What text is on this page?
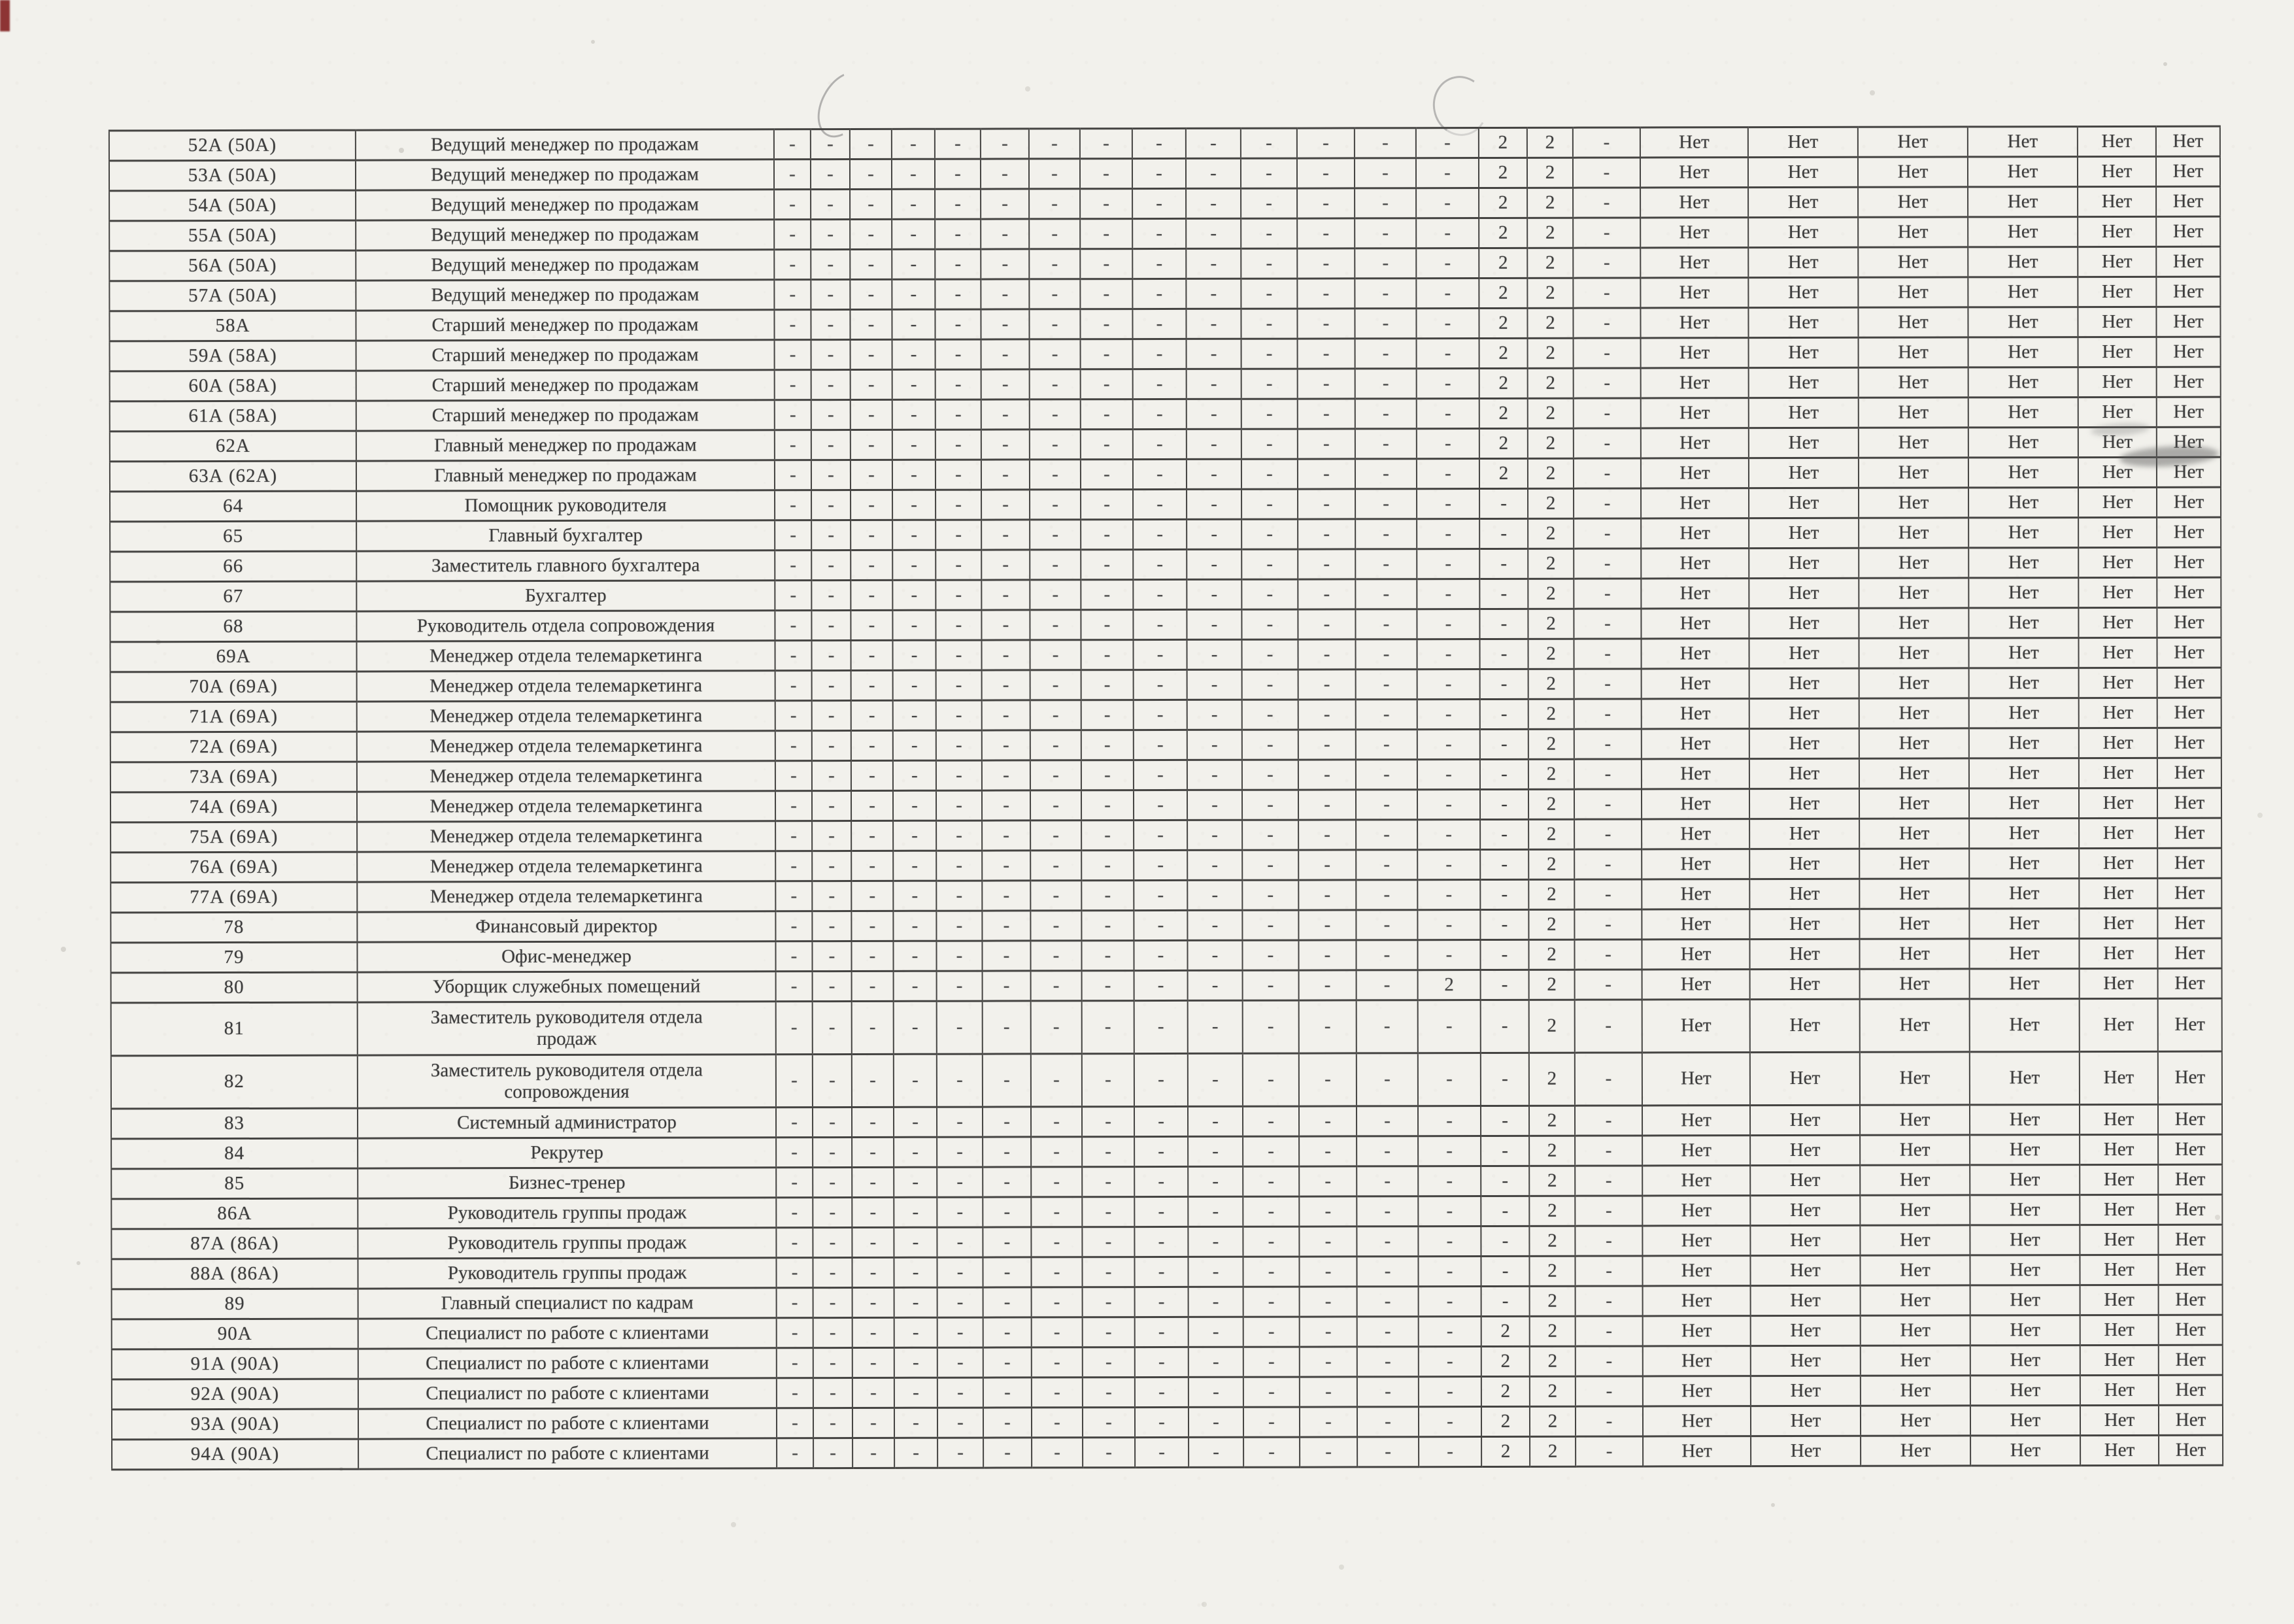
52А (50А)	Ведущий менеджер по продажам	-	-	-	-	-	-	-	-	-	-	-	-	-	-	2	2	-	Нет	Нет	Нет	Нет	Нет	Нет
53А (50А)	Ведущий менеджер по продажам	-	-	-	-	-	-	-	-	-	-	-	-	-	-	2	2	-	Нет	Нет	Нет	Нет	Нет	Нет
54А (50А)	Ведущий менеджер по продажам	-	-	-	-	-	-	-	-	-	-	-	-	-	-	2	2	-	Нет	Нет	Нет	Нет	Нет	Нет
55А (50А)	Ведущий менеджер по продажам	-	-	-	-	-	-	-	-	-	-	-	-	-	-	2	2	-	Нет	Нет	Нет	Нет	Нет	Нет
56А (50А)	Ведущий менеджер по продажам	-	-	-	-	-	-	-	-	-	-	-	-	-	-	2	2	-	Нет	Нет	Нет	Нет	Нет	Нет
57А (50А)	Ведущий менеджер по продажам	-	-	-	-	-	-	-	-	-	-	-	-	-	-	2	2	-	Нет	Нет	Нет	Нет	Нет	Нет
58А	Старший менеджер по продажам	-	-	-	-	-	-	-	-	-	-	-	-	-	-	2	2	-	Нет	Нет	Нет	Нет	Нет	Нет
59А (58А)	Старший менеджер по продажам	-	-	-	-	-	-	-	-	-	-	-	-	-	-	2	2	-	Нет	Нет	Нет	Нет	Нет	Нет
60А (58А)	Старший менеджер по продажам	-	-	-	-	-	-	-	-	-	-	-	-	-	-	2	2	-	Нет	Нет	Нет	Нет	Нет	Нет
61А (58А)	Старший менеджер по продажам	-	-	-	-	-	-	-	-	-	-	-	-	-	-	2	2	-	Нет	Нет	Нет	Нет	Нет	Нет
62А	Главный менеджер по продажам	-	-	-	-	-	-	-	-	-	-	-	-	-	-	2	2	-	Нет	Нет	Нет	Нет	Нет	Нет
63А (62А)	Главный менеджер по продажам	-	-	-	-	-	-	-	-	-	-	-	-	-	-	2	2	-	Нет	Нет	Нет	Нет	Нет	Нет
64	Помощник руководителя	-	-	-	-	-	-	-	-	-	-	-	-	-	-	-	2	-	Нет	Нет	Нет	Нет	Нет	Нет
65	Главный бухгалтер	-	-	-	-	-	-	-	-	-	-	-	-	-	-	-	2	-	Нет	Нет	Нет	Нет	Нет	Нет
66	Заместитель главного бухгалтера	-	-	-	-	-	-	-	-	-	-	-	-	-	-	-	2	-	Нет	Нет	Нет	Нет	Нет	Нет
67	Бухгалтер	-	-	-	-	-	-	-	-	-	-	-	-	-	-	-	2	-	Нет	Нет	Нет	Нет	Нет	Нет
68	Руководитель отдела сопровождения	-	-	-	-	-	-	-	-	-	-	-	-	-	-	-	2	-	Нет	Нет	Нет	Нет	Нет	Нет
69А	Менеджер отдела телемаркетинга	-	-	-	-	-	-	-	-	-	-	-	-	-	-	-	2	-	Нет	Нет	Нет	Нет	Нет	Нет
70А (69А)	Менеджер отдела телемаркетинга	-	-	-	-	-	-	-	-	-	-	-	-	-	-	-	2	-	Нет	Нет	Нет	Нет	Нет	Нет
71А (69А)	Менеджер отдела телемаркетинга	-	-	-	-	-	-	-	-	-	-	-	-	-	-	-	2	-	Нет	Нет	Нет	Нет	Нет	Нет
72А (69А)	Менеджер отдела телемаркетинга	-	-	-	-	-	-	-	-	-	-	-	-	-	-	-	2	-	Нет	Нет	Нет	Нет	Нет	Нет
73А (69А)	Менеджер отдела телемаркетинга	-	-	-	-	-	-	-	-	-	-	-	-	-	-	-	2	-	Нет	Нет	Нет	Нет	Нет	Нет
74А (69А)	Менеджер отдела телемаркетинга	-	-	-	-	-	-	-	-	-	-	-	-	-	-	-	2	-	Нет	Нет	Нет	Нет	Нет	Нет
75А (69А)	Менеджер отдела телемаркетинга	-	-	-	-	-	-	-	-	-	-	-	-	-	-	-	2	-	Нет	Нет	Нет	Нет	Нет	Нет
76А (69А)	Менеджер отдела телемаркетинга	-	-	-	-	-	-	-	-	-	-	-	-	-	-	-	2	-	Нет	Нет	Нет	Нет	Нет	Нет
77А (69А)	Менеджер отдела телемаркетинга	-	-	-	-	-	-	-	-	-	-	-	-	-	-	-	2	-	Нет	Нет	Нет	Нет	Нет	Нет
78	Финансовый директор	-	-	-	-	-	-	-	-	-	-	-	-	-	-	-	2	-	Нет	Нет	Нет	Нет	Нет	Нет
79	Офис-менеджер	-	-	-	-	-	-	-	-	-	-	-	-	-	-	-	2	-	Нет	Нет	Нет	Нет	Нет	Нет
80	Уборщик служебных помещений	-	-	-	-	-	-	-	-	-	-	-	-	-	2	-	2	-	Нет	Нет	Нет	Нет	Нет	Нет
81	Заместитель руководителя отдела продаж	-	-	-	-	-	-	-	-	-	-	-	-	-	-	-	2	-	Нет	Нет	Нет	Нет	Нет	Нет
82	Заместитель руководителя отдела сопровождения	-	-	-	-	-	-	-	-	-	-	-	-	-	-	-	2	-	Нет	Нет	Нет	Нет	Нет	Нет
83	Системный администратор	-	-	-	-	-	-	-	-	-	-	-	-	-	-	-	2	-	Нет	Нет	Нет	Нет	Нет	Нет
84	Рекрутер	-	-	-	-	-	-	-	-	-	-	-	-	-	-	-	2	-	Нет	Нет	Нет	Нет	Нет	Нет
85	Бизнес-тренер	-	-	-	-	-	-	-	-	-	-	-	-	-	-	-	2	-	Нет	Нет	Нет	Нет	Нет	Нет
86А	Руководитель группы продаж	-	-	-	-	-	-	-	-	-	-	-	-	-	-	-	2	-	Нет	Нет	Нет	Нет	Нет	Нет
87А (86А)	Руководитель группы продаж	-	-	-	-	-	-	-	-	-	-	-	-	-	-	-	2	-	Нет	Нет	Нет	Нет	Нет	Нет
88А (86А)	Руководитель группы продаж	-	-	-	-	-	-	-	-	-	-	-	-	-	-	-	2	-	Нет	Нет	Нет	Нет	Нет	Нет
89	Главный специалист по кадрам	-	-	-	-	-	-	-	-	-	-	-	-	-	-	-	2	-	Нет	Нет	Нет	Нет	Нет	Нет
90А	Специалист по работе с клиентами	-	-	-	-	-	-	-	-	-	-	-	-	-	-	2	2	-	Нет	Нет	Нет	Нет	Нет	Нет
91А (90А)	Специалист по работе с клиентами	-	-	-	-	-	-	-	-	-	-	-	-	-	-	2	2	-	Нет	Нет	Нет	Нет	Нет	Нет
92А (90А)	Специалист по работе с клиентами	-	-	-	-	-	-	-	-	-	-	-	-	-	-	2	2	-	Нет	Нет	Нет	Нет	Нет	Нет
93А (90А)	Специалист по работе с клиентами	-	-	-	-	-	-	-	-	-	-	-	-	-	-	2	2	-	Нет	Нет	Нет	Нет	Нет	Нет
94А (90А)	Специалист по работе с клиентами	-	-	-	-	-	-	-	-	-	-	-	-	-	-	2	2	-	Нет	Нет	Нет	Нет	Нет	Нет
